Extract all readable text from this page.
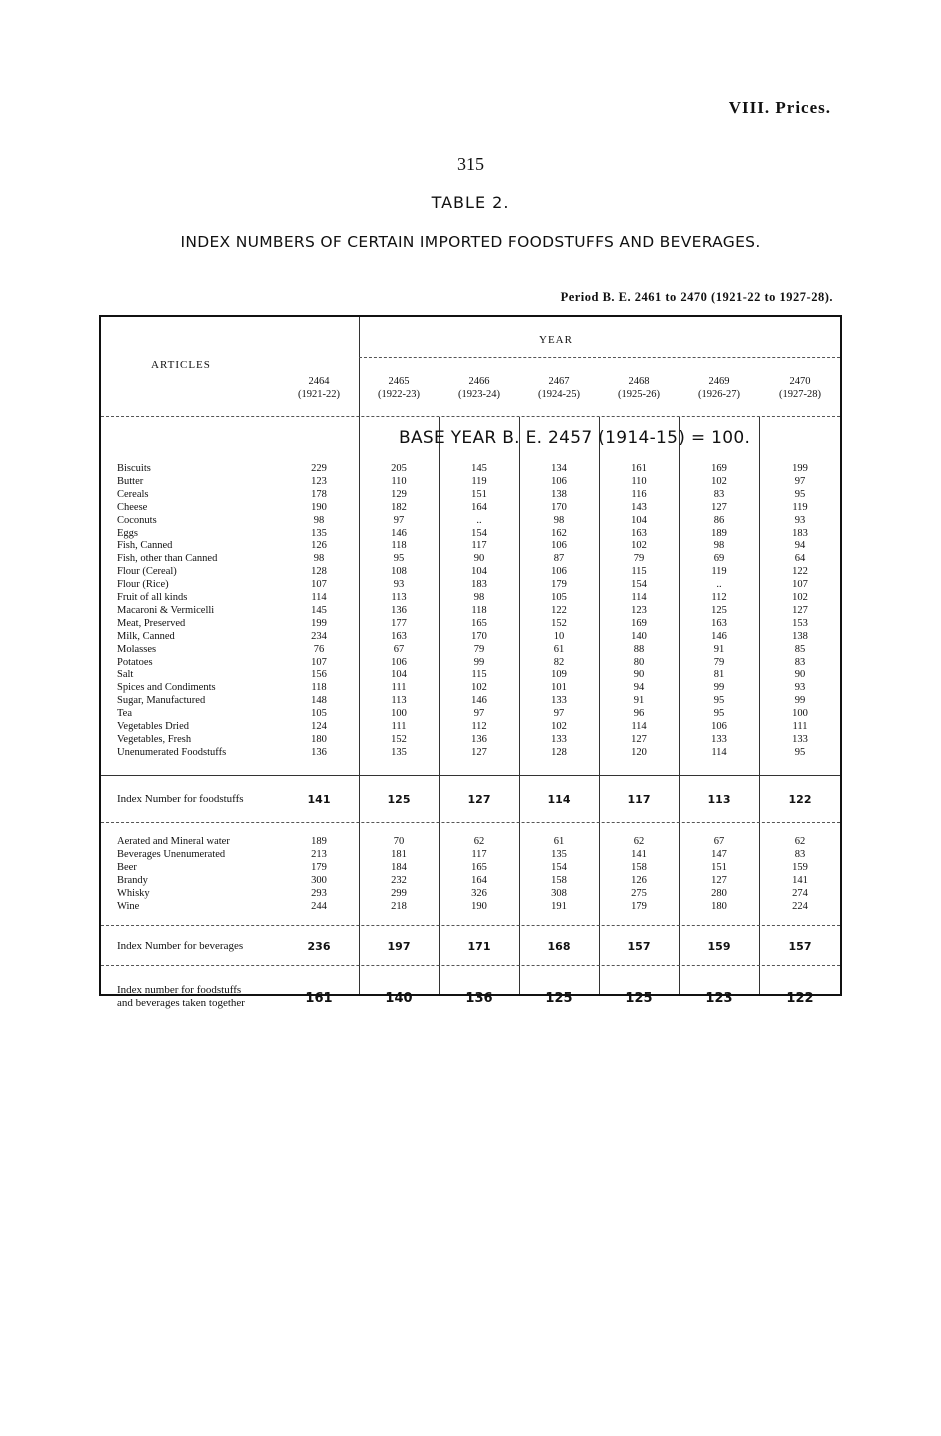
VIII. Prices.
315
TABLE 2.
INDEX NUMBERS OF CERTAIN IMPORTED FOODSTUFFS AND BEVERAGES.
Period B. E. 2461 to 2470 (1921-22 to 1927-28).
ARTICLES
YEAR
2464
(1921-22)
2465
(1922-23)
2466
(1923-24)
2467
(1924-25)
2468
(1925-26)
2469
(1926-27)
2470
(1927-28)
BASE YEAR B. E. 2457 (1914-15) = 100.
Biscuits	229	205	145	134	161	169	199
Butter	123	110	119	106	110	102	97
Cereals	178	129	151	138	116	83	95
Cheese	190	182	164	170	143	127	119
Coconuts	98	97	..	98	104	86	93
Eggs	135	146	154	162	163	189	183
Fish, Canned	126	118	117	106	102	98	94
Fish, other than Canned	98	95	90	87	79	69	64
Flour (Cereal)	128	108	104	106	115	119	122
Flour (Rice)	107	93	183	179	154	..	107
Fruit of all kinds	114	113	98	105	114	112	102
Macaroni & Vermicelli	145	136	118	122	123	125	127
Meat, Preserved	199	177	165	152	169	163	153
Milk, Canned	234	163	170	10	140	146	138
Molasses	76	67	79	61	88	91	85
Potatoes	107	106	99	82	80	79	83
Salt	156	104	115	109	90	81	90
Spices and Condiments	118	111	102	101	94	99	93
Sugar, Manufactured	148	113	146	133	91	95	99
Tea	105	100	97	97	96	95	100
Vegetables Dried	124	111	112	102	114	106	111
Vegetables, Fresh	180	152	136	133	127	133	133
Unenumerated Foodstuffs	136	135	127	128	120	114	95
Index Number for foodstuffs	141	125	127	114	117	113	122
Aerated and Mineral water	189	70	62	61	62	67	62
Beverages Unenumerated	213	181	117	135	141	147	83
Beer	179	184	165	154	158	151	159
Brandy	300	232	164	158	126	127	141
Whisky	293	299	326	308	275	280	274
Wine	244	218	190	191	179	180	224
Index Number for beverages	236	197	171	168	157	159	157
Index number for foodstuffs
and beverages taken together	161	140	136	125	125	123	122
